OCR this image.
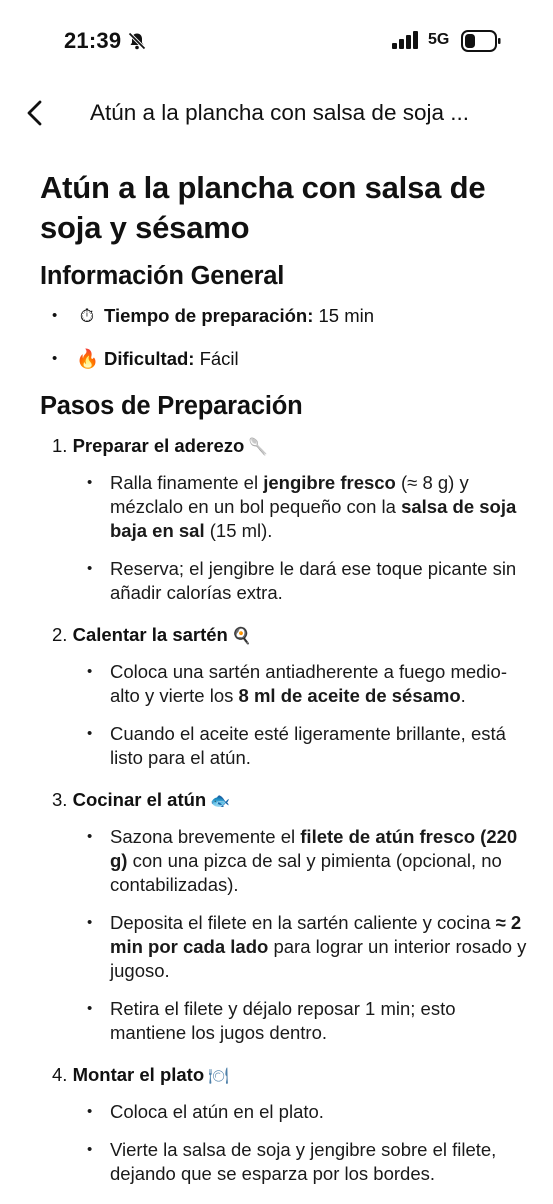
21:39	5G
Atún a la plancha con salsa de soja ...
Atún a la plancha con salsa de soja y sésamo
Información General
• ⏱ Tiempo de preparación: 15 min
• 🔥 Dificultad: Fácil
Pasos de Preparación
1. Preparar el aderezo 🥄
• Ralla finamente el jengibre fresco (≈ 8 g) y mézclalo en un bol pequeño con la salsa de soja baja en sal (15 ml).
• Reserva; el jengibre le dará ese toque picante sin añadir calorías extra.
2. Calentar la sartén 🍳
• Coloca una sartén antiadherente a fuego medio-alto y vierte los 8 ml de aceite de sésamo.
• Cuando el aceite esté ligeramente brillante, está listo para el atún.
3. Cocinar el atún 🐟
• Sazona brevemente el filete de atún fresco (220 g) con una pizca de sal y pimienta (opcional, no contabilizadas).
• Deposita el filete en la sartén caliente y cocina ≈ 2 min por cada lado para lograr un interior rosado y jugoso.
• Retira el filete y déjalo reposar 1 min; esto mantiene los jugos dentro.
4. Montar el plato 🍽
• Coloca el atún en el plato.
• Vierte la salsa de soja y jengibre sobre el filete, dejando que se esparza por los bordes.
